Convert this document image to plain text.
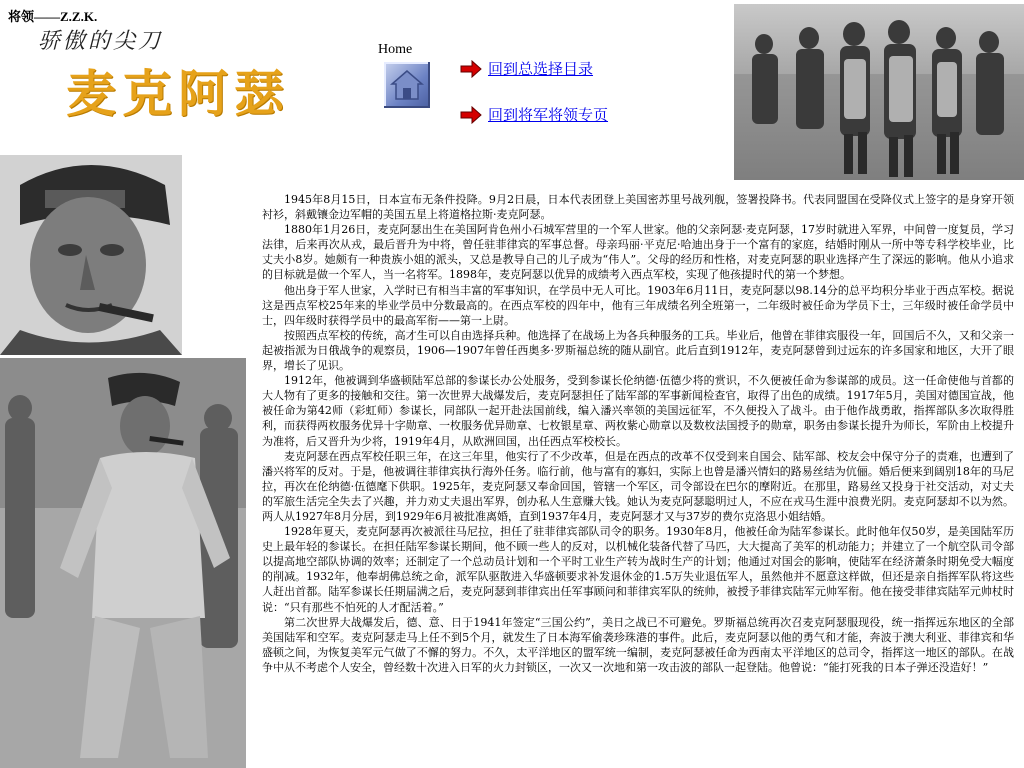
将领——Z.Z.K.
骄傲的尖刀
麦克阿瑟
Home
回到总选择目录
回到将军将领专页

1945年8月15日，日本宣布无条件投降。9月2日晨，日本代表团登上美国密苏里号战列舰，签署投降书。代表同盟国在受降仪式上签字的是身穿开领衬衫，斜戴镶金边军帽的美国五星上将道格拉斯·麦克阿瑟。

1880年1月26日，麦克阿瑟出生在美国阿肯色州小石城军营里的一个军人世家。他的父亲阿瑟·麦克阿瑟，17岁时就进入军界，中间曾一度复员，学习法律，后来再次从戎，最后晋升为中将，曾任驻菲律宾的军事总督。母亲玛丽·平克尼·哈迪出身于一个富有的家庭，结婚时刚从一所中等专科学校毕业，比丈夫小8岁。她颇有一种贵族小姐的派头，又总是教导自己的儿子成为“伟人”。父母的经历和性格，对麦克阿瑟的职业选择产生了深远的影响。他从小追求的目标就是做一个军人，当一名将军。1898年，麦克阿瑟以优异的成绩考入西点军校，实现了他孩提时代的第一个梦想。

他出身于军人世家，入学时已有相当丰富的军事知识，在学员中无人可比。1903年6月11日，麦克阿瑟以98.14分的总平均积分毕业于西点军校。据说这是西点军校25年来的毕业学员中分数最高的。在西点军校的四年中，他有三年成绩名列全班第一，二年级时被任命为学员下士，三年级时被任命学员中士，四年级时获得学员中的最高军衔——第一上尉。

按照西点军校的传统，高才生可以自由选择兵种。他选择了在战场上为各兵种服务的工兵。毕业后，他曾在菲律宾服役一年，回国后不久，又和父亲一起被指派为日俄战争的观察员，1906—1907年曾任西奥多·罗斯福总统的随从副官。此后直到1912年，麦克阿瑟曾到过远东的许多国家和地区，大开了眼界，增长了见识。

1912年，他被调到华盛顿陆军总部的参谋长办公处服务，受到参谋长伦纳德·伍德少将的赏识，不久便被任命为参谋部的成员。这一任命使他与首都的大人物有了更多的接触和交往。第一次世界大战爆发后，麦克阿瑟担任了陆军部的军事新闻检查官，取得了出色的成绩。1917年5月，美国对德国宣战，他被任命为第42师（彩虹师）参谋长，同部队一起开赴法国前线，编入潘兴率领的美国远征军，不久便投入了战斗。由于他作战勇敢，指挥部队多次取得胜利，而获得两枚服务优异十字勋章、一枚服务优异勋章、七枚银星章、两枚紫心勋章以及数枚法国授予的勋章，职务由参谋长提升为师长，军阶由上校提升为准将，后又晋升为少将，1919年4月，从欧洲回国，出任西点军校校长。

麦克阿瑟在西点军校任职三年，在这三年里，他实行了不少改革，但是在西点的改革不仅受到来自国会、陆军部、校友会中保守分子的责难，也遭到了潘兴将军的反对。于是，他被调往菲律宾执行海外任务。临行前，他与富有的寡妇，实际上也曾是潘兴情妇的路易丝结为伉俪。婚后便来到阔别18年的马尼拉，再次在伦纳德·伍德麾下供职。1925年，麦克阿瑟又奉命回国，管辖一个军区，司令部设在巴尔的摩附近。在那里，路易丝又投身于社交活动，对丈夫的军旅生活完全失去了兴趣，并力劝丈夫退出军界，创办私人生意赚大钱。她认为麦克阿瑟聪明过人，不应在戎马生涯中浪费光阴。麦克阿瑟却不以为然。两人从1927年8月分居，到1929年6月被批准离婚，直到1937年4月，麦克阿瑟才又与37岁的费尔克洛思小姐结婚。

1928年夏天，麦克阿瑟再次被派往马尼拉，担任了驻菲律宾部队司令的职务。1930年8月，他被任命为陆军参谋长。此时他年仅50岁，是美国陆军历史上最年轻的参谋长。在担任陆军参谋长期间，他不顾一些人的反对，以机械化装备代替了马匹，大大提高了美军的机动能力；并建立了一个航空队司令部以提高地空部队协调的效率；还制定了一个总动员计划和一个平时工业生产转为战时生产的计划；他通过对国会的影响，使陆军在经济萧条时期免受大幅度的削减。1932年，他奉胡佛总统之命，派军队驱散进入华盛顿要求补发退休金的1.5万失业退伍军人，虽然他并不愿意这样做，但还是亲自指挥军队将这些人赶出首都。陆军参谋长任期届满之后，麦克阿瑟到菲律宾出任军事顾问和菲律宾军队的统帅，被授予菲律宾陆军元帅军衔。他在接受菲律宾陆军元帅杖时说：“只有那些不怕死的人才配活着。”

第二次世界大战爆发后，德、意、日于1941年签定“三国公约”，美日之战已不可避免。罗斯福总统再次召麦克阿瑟服现役，统一指挥远东地区的全部美国陆军和空军。麦克阿瑟走马上任不到5个月，就发生了日本海军偷袭珍珠港的事件。此后，麦克阿瑟以他的勇气和才能，奔波于澳大利亚、菲律宾和华盛顿之间，为恢复美军元气做了不懈的努力。不久，太平洋地区的盟军统一编制，麦克阿瑟被任命为西南太平洋地区的总司令，指挥这一地区的部队。在战争中从不考虑个人安全，曾经数十次进入日军的火力封锁区，一次又一次地和第一攻击波的部队一起登陆。他曾说：“能打死我的日本子弹还没造好！”
